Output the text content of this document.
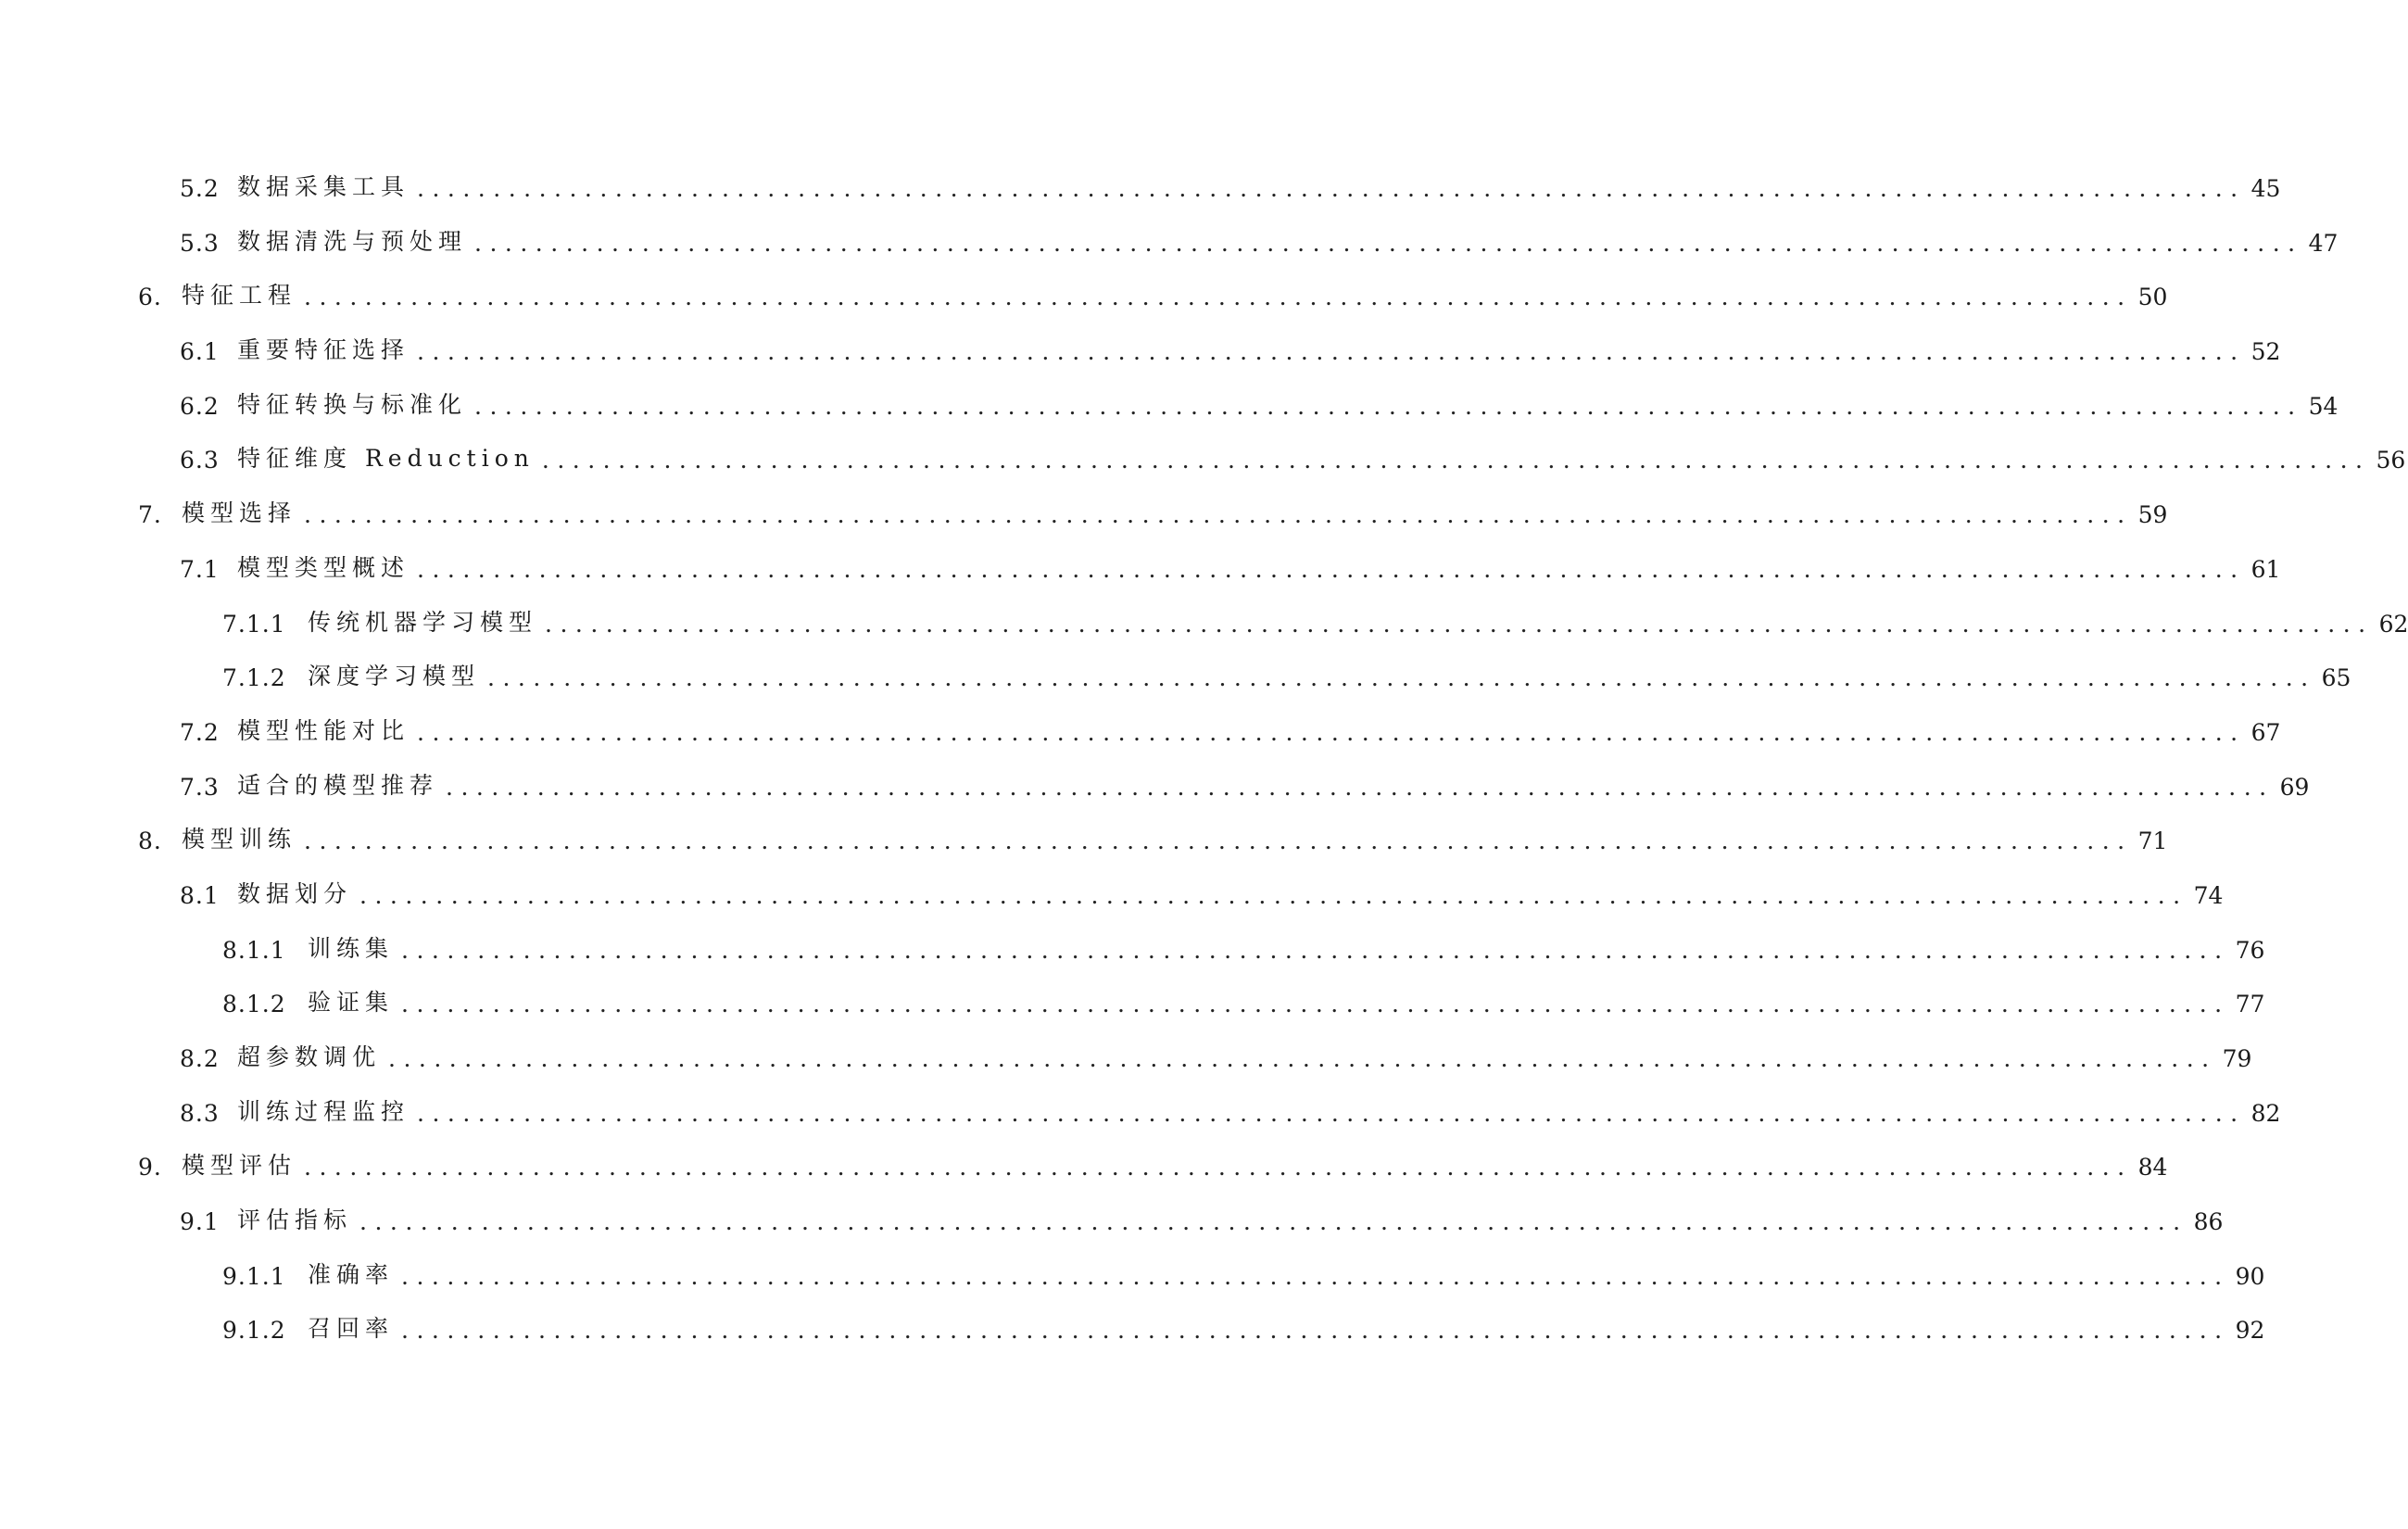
5.2 数据采集工具 ........................................................................................................................ 45
5.3 数据清洗与预处理 ........................................................................................................................ 47
6. 特征工程 ........................................................................................................................ 50
6.1 重要特征选择 ........................................................................................................................ 52
6.2 特征转换与标准化 ........................................................................................................................ 54
6.3 特征维度 Reduction ........................................................................................................................ 56
7. 模型选择 ........................................................................................................................ 59
7.1 模型类型概述 ........................................................................................................................ 61
7.1.1 传统机器学习模型 ........................................................................................................................ 62
7.1.2 深度学习模型 ........................................................................................................................ 65
7.2 模型性能对比 ........................................................................................................................ 67
7.3 适合的模型推荐 ........................................................................................................................ 69
8. 模型训练 ........................................................................................................................ 71
8.1 数据划分 ........................................................................................................................ 74
8.1.1 训练集 ........................................................................................................................ 76
8.1.2 验证集 ........................................................................................................................ 77
8.2 超参数调优 ........................................................................................................................ 79
8.3 训练过程监控 ........................................................................................................................ 82
9. 模型评估 ........................................................................................................................ 84
9.1 评估指标 ........................................................................................................................ 86
9.1.1 准确率 ........................................................................................................................ 90
9.1.2 召回率 ........................................................................................................................ 92
